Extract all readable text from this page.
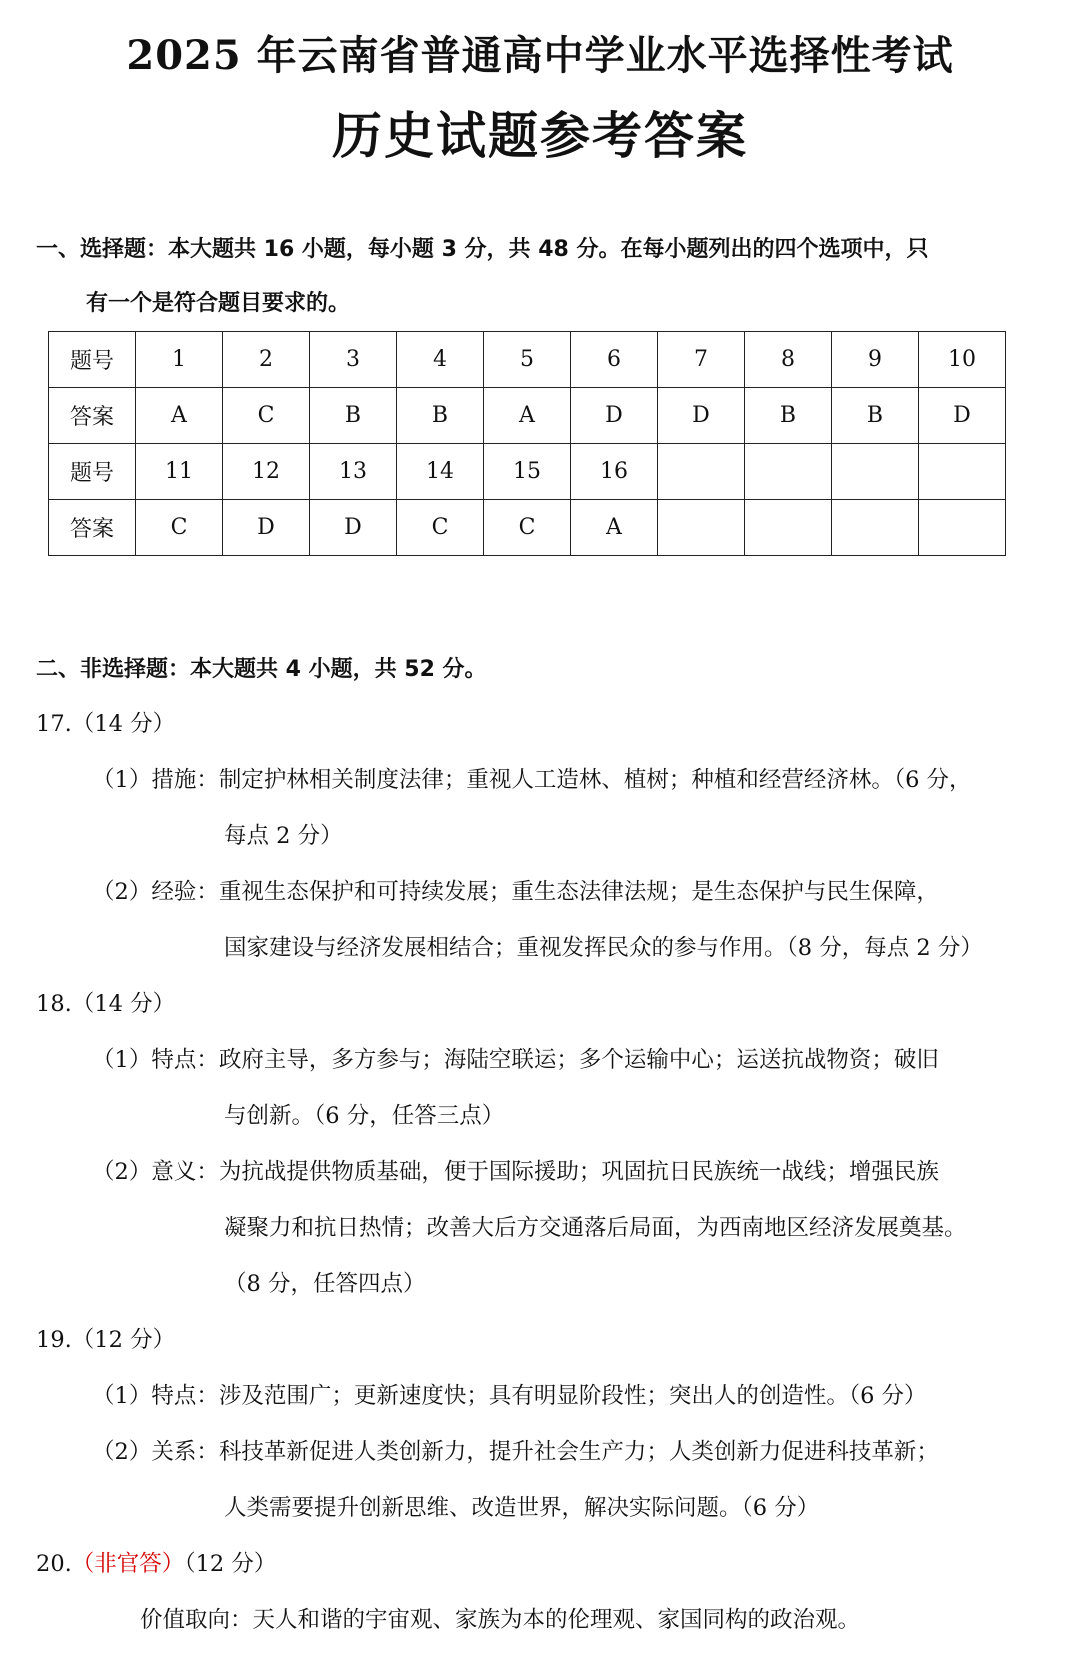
2025 年云南省普通高中学业水平选择性考试
历史试题参考答案
一、选择题：本大题共 16 小题，每小题 3 分，共 48 分。在每小题列出的四个选项中，只
有一个是符合题目要求的。
题号	1	2	3	4	5	6	7	8	9	10
答案	A	C	B	B	A	D	D	B	B	D
题号	11	12	13	14	15	16				
答案	C	D	D	C	C	A				
二、非选择题：本大题共 4 小题，共 52 分。
17.（14 分）
（1）措施：制定护林相关制度法律；重视人工造林、植树；种植和经营经济林。（6 分，
每点 2 分）
（2）经验：重视生态保护和可持续发展；重生态法律法规；是生态保护与民生保障，
国家建设与经济发展相结合；重视发挥民众的参与作用。（8 分，每点 2 分）
18.（14 分）
（1）特点：政府主导，多方参与；海陆空联运；多个运输中心；运送抗战物资；破旧
与创新。（6 分，任答三点）
（2）意义：为抗战提供物质基础，便于国际援助；巩固抗日民族统一战线；增强民族
凝聚力和抗日热情；改善大后方交通落后局面，为西南地区经济发展奠基。
（8 分，任答四点）
19.（12 分）
（1）特点：涉及范围广；更新速度快；具有明显阶段性；突出人的创造性。（6 分）
（2）关系：科技革新促进人类创新力，提升社会生产力；人类创新力促进科技革新；
人类需要提升创新思维、改造世界，解决实际问题。（6 分）
20.（非官答）（12 分）
价值取向：天人和谐的宇宙观、家族为本的伦理观、家国同构的政治观。
